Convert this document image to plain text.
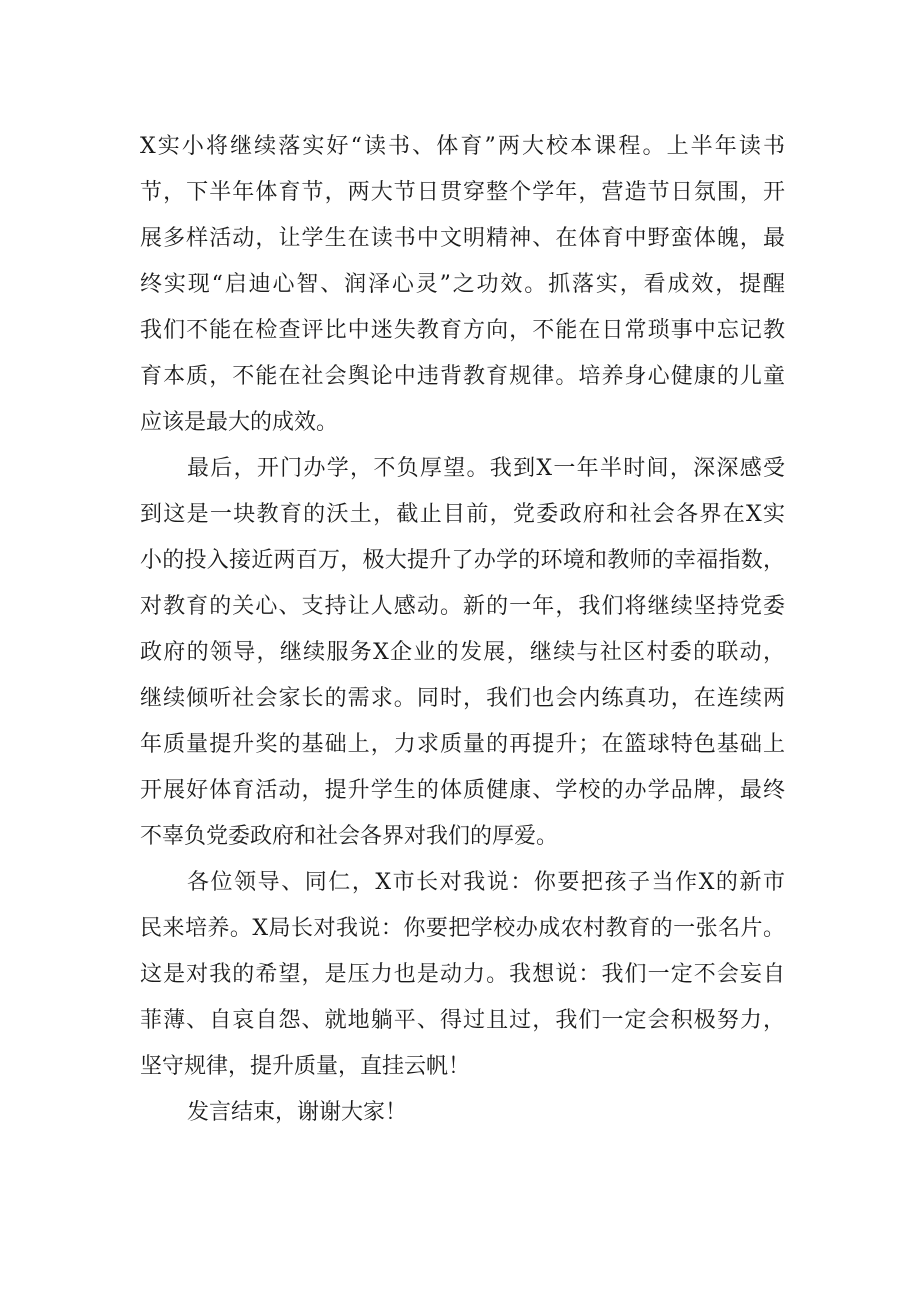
X实小将继续落实好“读书、体育”两大校本课程。上半年读书
节，下半年体育节，两大节日贯穿整个学年，营造节日氛围，开
展多样活动，让学生在读书中文明精神、在体育中野蛮体魄，最
终实现“启迪心智、润泽心灵”之功效。抓落实，看成效，提醒
我们不能在检查评比中迷失教育方向，不能在日常琐事中忘记教
育本质，不能在社会舆论中违背教育规律。培养身心健康的儿童
应该是最大的成效。
最后，开门办学，不负厚望。我到X一年半时间，深深感受
到这是一块教育的沃土，截止目前，党委政府和社会各界在X实
小的投入接近两百万，极大提升了办学的环境和教师的幸福指数，
对教育的关心、支持让人感动。新的一年，我们将继续坚持党委
政府的领导，继续服务X企业的发展，继续与社区村委的联动，
继续倾听社会家长的需求。同时，我们也会内练真功，在连续两
年质量提升奖的基础上，力求质量的再提升；在篮球特色基础上
开展好体育活动，提升学生的体质健康、学校的办学品牌，最终
不辜负党委政府和社会各界对我们的厚爱。
各位领导、同仁，X市长对我说：你要把孩子当作X的新市
民来培养。X局长对我说：你要把学校办成农村教育的一张名片。
这是对我的希望，是压力也是动力。我想说：我们一定不会妄自
菲薄、自哀自怨、就地躺平、得过且过，我们一定会积极努力，
坚守规律，提升质量，直挂云帆！
发言结束，谢谢大家！
